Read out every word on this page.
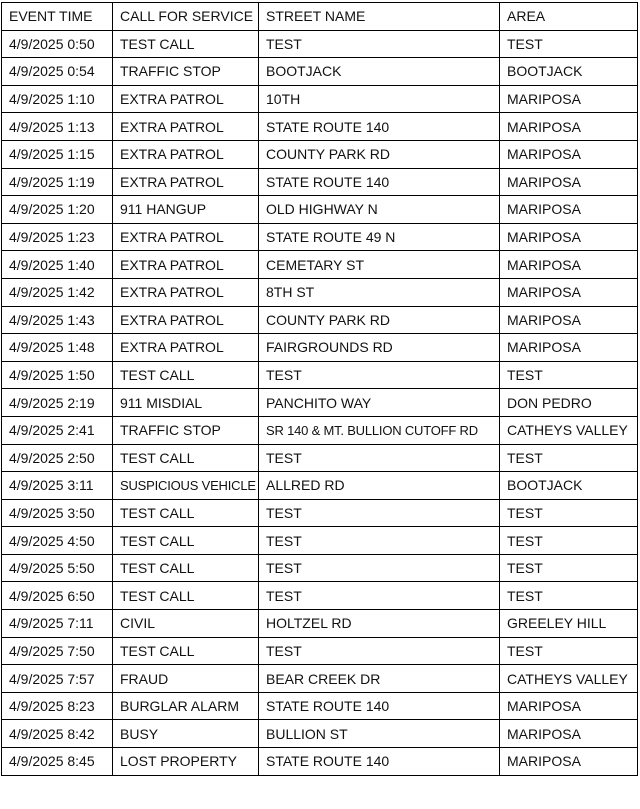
EVENT TIME	CALL FOR SERVICE	STREET NAME	AREA
4/9/2025 0:50	TEST CALL	TEST	TEST
4/9/2025 0:54	TRAFFIC STOP	BOOTJACK	BOOTJACK
4/9/2025 1:10	EXTRA PATROL	10TH	MARIPOSA
4/9/2025 1:13	EXTRA PATROL	STATE ROUTE 140	MARIPOSA
4/9/2025 1:15	EXTRA PATROL	COUNTY PARK RD	MARIPOSA
4/9/2025 1:19	EXTRA PATROL	STATE ROUTE 140	MARIPOSA
4/9/2025 1:20	911 HANGUP	OLD HIGHWAY N	MARIPOSA
4/9/2025 1:23	EXTRA PATROL	STATE ROUTE 49 N	MARIPOSA
4/9/2025 1:40	EXTRA PATROL	CEMETARY ST	MARIPOSA
4/9/2025 1:42	EXTRA PATROL	8TH ST	MARIPOSA
4/9/2025 1:43	EXTRA PATROL	COUNTY PARK RD	MARIPOSA
4/9/2025 1:48	EXTRA PATROL	FAIRGROUNDS RD	MARIPOSA
4/9/2025 1:50	TEST CALL	TEST	TEST
4/9/2025 2:19	911 MISDIAL	PANCHITO WAY	DON PEDRO
4/9/2025 2:41	TRAFFIC STOP	SR 140 & MT. BULLION CUTOFF RD	CATHEYS VALLEY
4/9/2025 2:50	TEST CALL	TEST	TEST
4/9/2025 3:11	SUSPICIOUS VEHICLE	ALLRED RD	BOOTJACK
4/9/2025 3:50	TEST CALL	TEST	TEST
4/9/2025 4:50	TEST CALL	TEST	TEST
4/9/2025 5:50	TEST CALL	TEST	TEST
4/9/2025 6:50	TEST CALL	TEST	TEST
4/9/2025 7:11	CIVIL	HOLTZEL RD	GREELEY HILL
4/9/2025 7:50	TEST CALL	TEST	TEST
4/9/2025 7:57	FRAUD	BEAR CREEK DR	CATHEYS VALLEY
4/9/2025 8:23	BURGLAR ALARM	STATE ROUTE 140	MARIPOSA
4/9/2025 8:42	BUSY	BULLION ST	MARIPOSA
4/9/2025 8:45	LOST PROPERTY	STATE ROUTE 140	MARIPOSA
